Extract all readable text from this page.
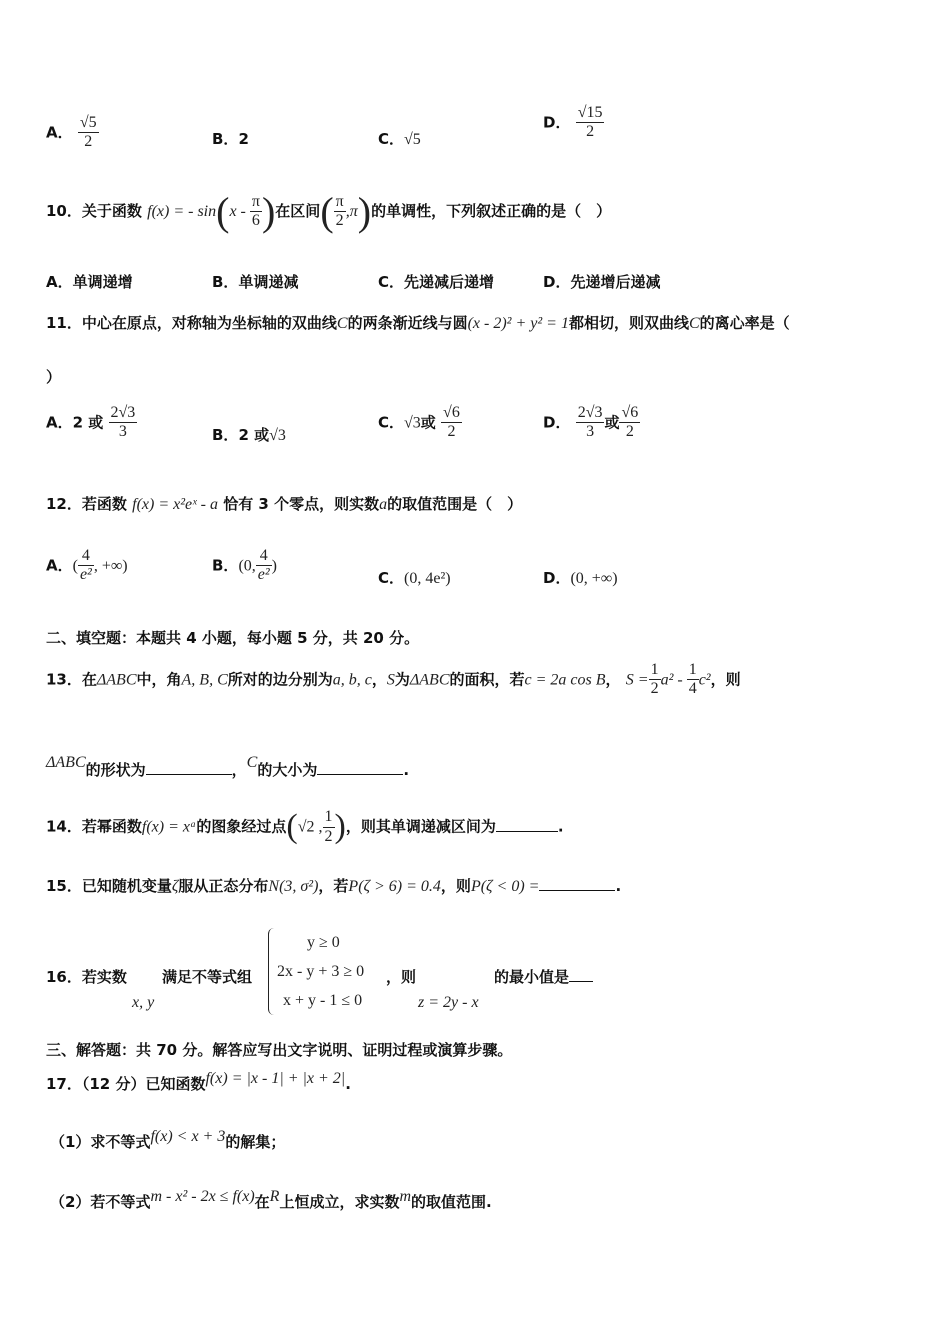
A． $\frac{√5}{2}$	B．2	C．√5
D． $\frac{√15}{2}$
10．关于函数 f(x) = - $\sin(x - \frac{\pi}{6}$ )在区间( $\frac{\pi}{2} ,\pi$)的单调性，下列叙述正确的是（　）
A．单调递增	B．单调递减	C．先递减后递增	D．先递增后递减
11．中心在原点，对称轴为坐标轴的双曲线C的两条渐近线与圆(x - 2)² + y² = 1都相切，则双曲线C的离心率是（
）
A．2 或 $\frac{2√3}{3}$	B．2 或√3
C．√3或 $\frac{√6}{2}$	D． $\frac{2√3}{3}$ 或 $\frac{√6}{2}$
12．若函数 f(x) = x²eˣ - a 恰有 3 个零点，则实数a的取值范围是（　）
A．( $\frac{4}{\text{e²}}$ , +∞)	B．(0, $\frac{4}{\text{e²}}$ )
C．(0, 4e²)	D．(0, +∞)
二、填空题：本题共 4 小题，每小题 5 分，共 20 分。
13．在ΔABC中，角A, B, C所对的边分别为a, b, c，S为ΔABC的面积，若c = 2a cos B， $S = \frac{1}{2} a^2 - \frac{1}{4} c^2$，则
ΔABC的形状为	，C的大小为	.
14．若幂函数f(x) = xᵃ的图象经过点(√2 , $\frac{1}{2}$ )，则其单调递减区间为	.
15．已知随机变量ζ服从正态分布N(3, σ²)，若P(ζ > 6) = 0.4，则P(ζ < 0) =	.
16．若实数
x, y
满足不等式组
y ≥ 0
2x - y + 3 ≥ 0
x + y - 1 ≤ 0
，则
z = 2y - x
的最小值是
三、解答题：共 70 分。解答应写出文字说明、证明过程或演算步骤。
17．（12 分）已知函数f(x) = |x - 1| + |x + 2|.
（1）求不等式f(x) < x + 3的解集；
（2）若不等式m - x² - 2x ≤ f(x)在R上恒成立，求实数m的取值范围.
